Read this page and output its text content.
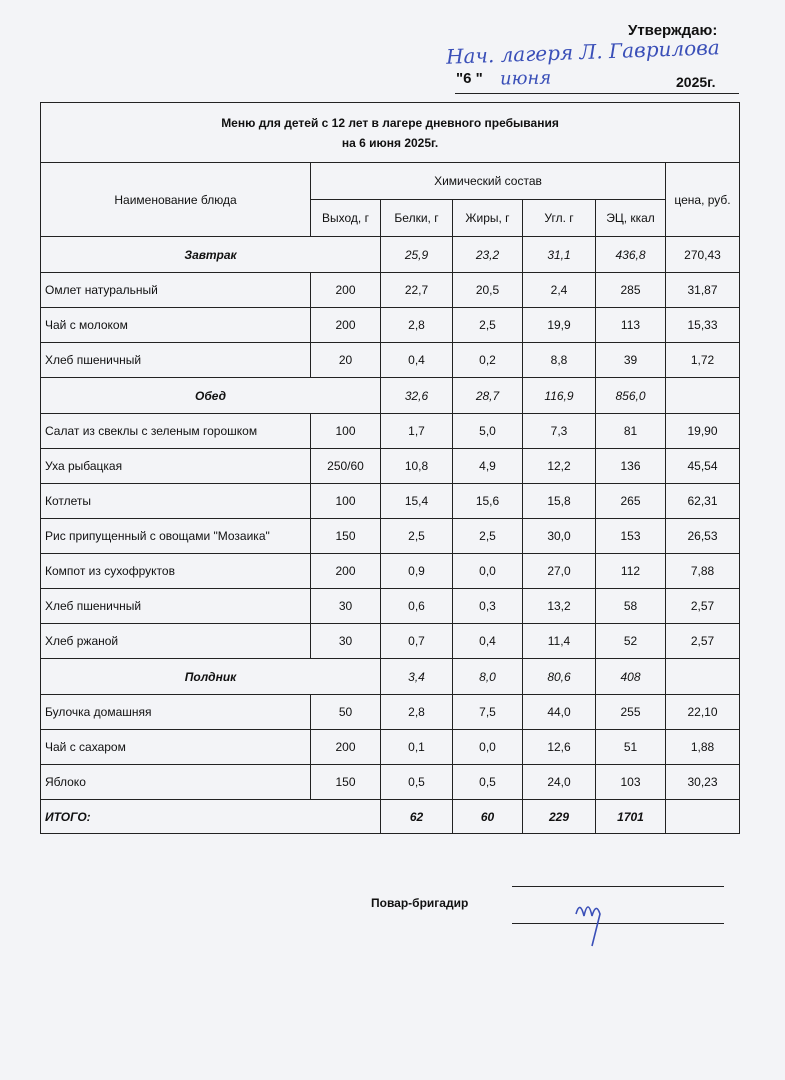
Утверждаю:
Нач. лагеря Л. Гаврилова
"6 " июня	2025г.
Меню для детей с 12 лет в лагере дневного пребывания
на 6 июня 2025г.						
Наименование блюда	Химический состав					цена, руб.
	Выход, г	Белки, г	Жиры, г	Угл. г	ЭЦ, ккал	
Завтрак		25,9	23,2	31,1	436,8	270,43
Омлет натуральный	200	22,7	20,5	2,4	285	31,87
Чай с молоком	200	2,8	2,5	19,9	113	15,33
Хлеб пшеничный	20	0,4	0,2	8,8	39	1,72
Обед		32,6	28,7	116,9	856,0	
Салат из свеклы с зеленым горошком	100	1,7	5,0	7,3	81	19,90
Уха рыбацкая	250/60	10,8	4,9	12,2	136	45,54
Котлеты	100	15,4	15,6	15,8	265	62,31
Рис припущенный с овощами "Мозаика"	150	2,5	2,5	30,0	153	26,53
Компот из сухофруктов	200	0,9	0,0	27,0	112	7,88
Хлеб пшеничный	30	0,6	0,3	13,2	58	2,57
Хлеб ржаной	30	0,7	0,4	11,4	52	2,57
Полдник		3,4	8,0	80,6	408	
Булочка домашняя	50	2,8	7,5	44,0	255	22,10
Чай с сахаром	200	0,1	0,0	12,6	51	1,88
Яблоко	150	0,5	0,5	24,0	103	30,23
ИТОГО:		62	60	229	1701	
Повар-бригадир
